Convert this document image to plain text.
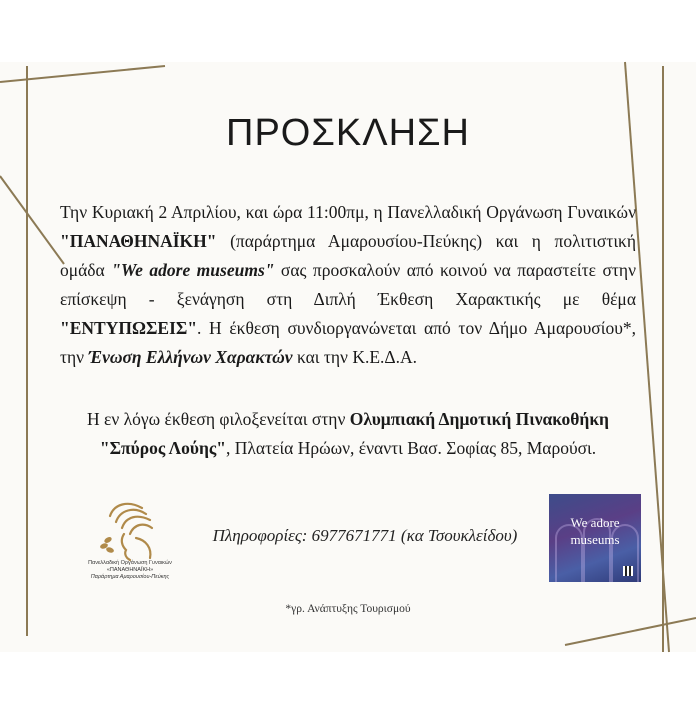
ΠΡΟΣΚΛΗΣΗ
Την Κυριακή 2 Απριλίου, και ώρα 11:00πμ, η Πανελλαδική Οργάνωση Γυναικών "ΠΑΝΑΘΗΝΑΪΚΗ" (παράρτημα Αμαρουσίου-Πεύκης) και η πολιτιστική ομάδα "We adore museums" σας προσκαλούν από κοινού να παραστείτε στην επίσκεψη - ξενάγηση στη Διπλή Έκθεση Χαρακτικής με θέμα "ΕΝΤΥΠΩΣΕΙΣ". Η έκθεση συνδιοργανώνεται από τον Δήμο Αμαρουσίου*, την Ένωση Ελλήνων Χαρακτών και την Κ.Ε.Δ.Α.
Η εν λόγω έκθεση φιλοξενείται στην Ολυμπιακή Δημοτική Πινακοθήκη "Σπύρος Λούης", Πλατεία Ηρώων, έναντι Βασ. Σοφίας 85, Μαρούσι.
Πανελλαδική Οργάνωση Γυναικών
«ΠΑΝΑΘΗΝΑΪΚΗ»
Παράρτημα Αμαρουσίου-Πεύκης
Πληροφορίες: 6977671771 (κα Τσουκλείδου)
We adore
museums
*γρ. Ανάπτυξης Τουρισμού
